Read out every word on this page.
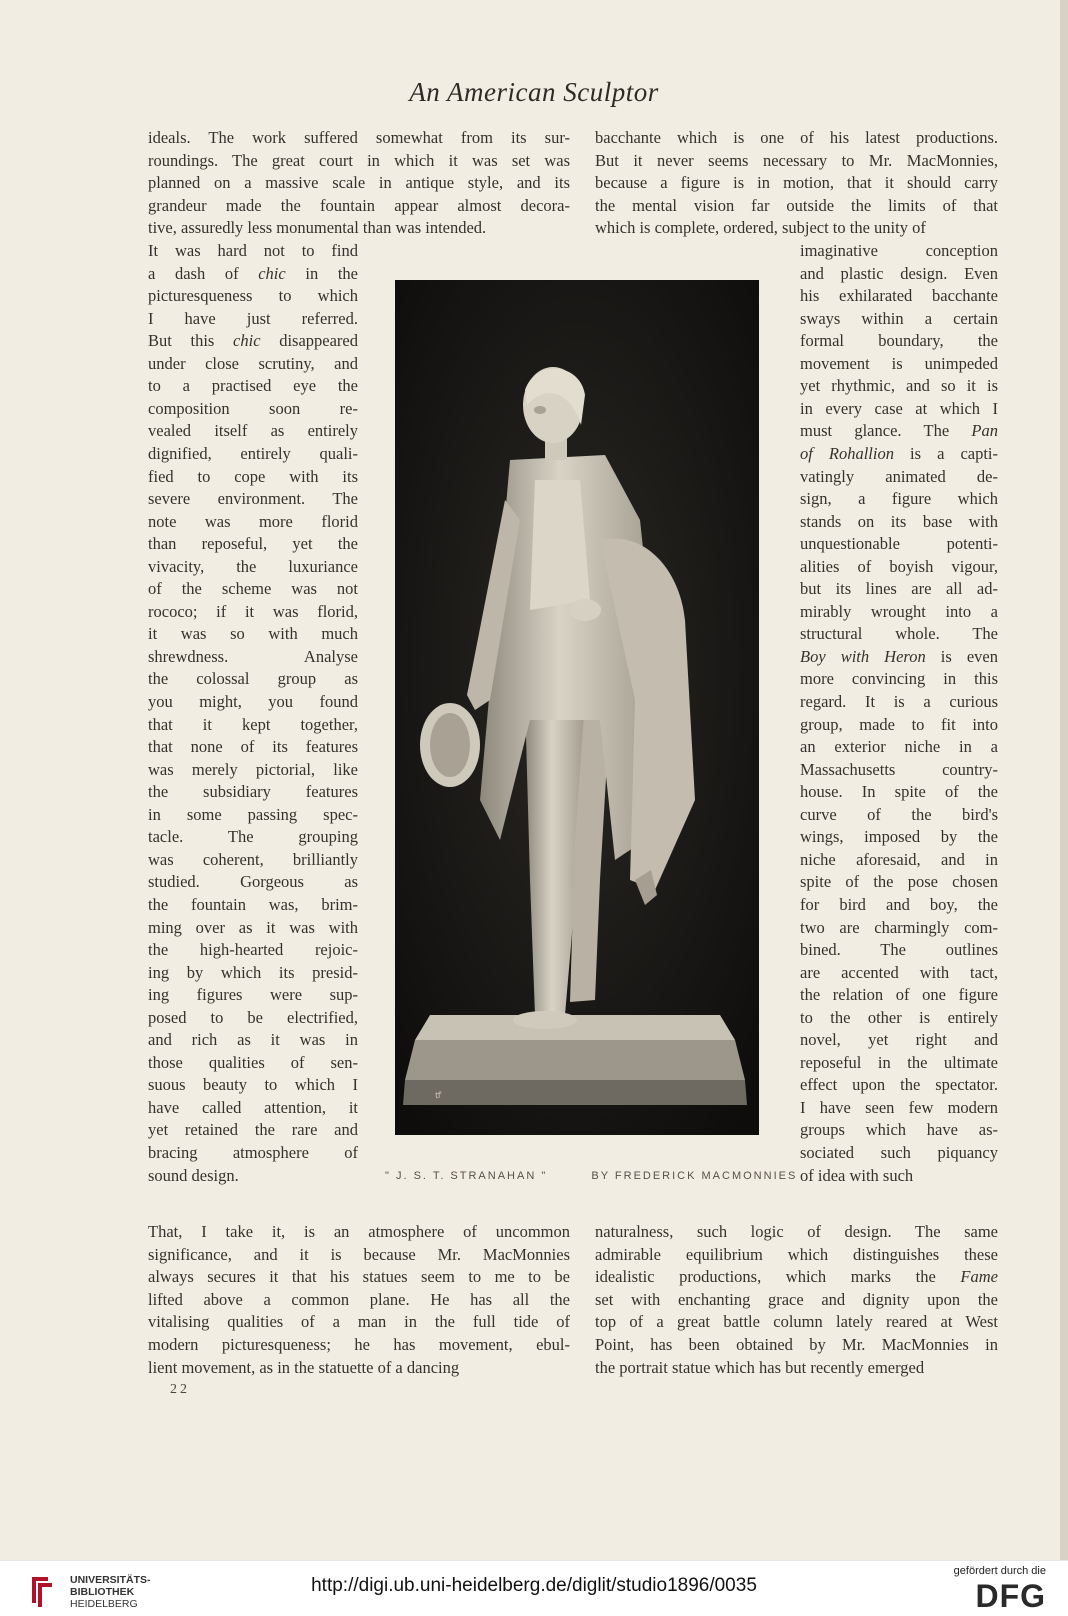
An American Sculptor
ideals. The work suffered somewhat from its sur-
roundings. The great court in which it was set was
planned on a massive scale in antique style, and its
grandeur made the fountain appear almost decora-
tive, assuredly less monumental than was intended.
bacchante which is one of his latest productions.
But it never seems necessary to Mr. MacMonnies,
because a figure is in motion, that it should carry
the mental vision far outside the limits of that
which is complete, ordered, subject to the unity of
It was hard not to find
a dash of chic in the
picturesqueness to which
I have just referred.
But this chic disappeared
under close scrutiny, and
to a practised eye the
composition soon re-
vealed itself as entirely
dignified, entirely quali-
fied to cope with its
severe environment. The
note was more florid
than reposeful, yet the
vivacity, the luxuriance
of the scheme was not
rococo; if it was florid,
it was so with much
shrewdness. Analyse
the colossal group as
you might, you found
that it kept together,
that none of its features
was merely pictorial, like
the subsidiary features
in some passing spec-
tacle. The grouping
was coherent, brilliantly
studied. Gorgeous as
the fountain was, brim-
ming over as it was with
the high-hearted rejoic-
ing by which its presid-
ing figures were sup-
posed to be electrified,
and rich as it was in
those qualities of sen-
suous beauty to which I
have called attention, it
yet retained the rare and
bracing atmosphere of
sound design.
imaginative conception
and plastic design. Even
his exhilarated bacchante
sways within a certain
formal boundary, the
movement is unimpeded
yet rhythmic, and so it is
in every case at which I
must glance. The Pan
of Rohallion is a capti-
vatingly animated de-
sign, a figure which
stands on its base with
unquestionable potenti-
alities of boyish vigour,
but its lines are all ad-
mirably wrought into a
structural whole. The
Boy with Heron is even
more convincing in this
regard. It is a curious
group, made to fit into
an exterior niche in a
Massachusetts country-
house. In spite of the
curve of the bird's
wings, imposed by the
niche aforesaid, and in
spite of the pose chosen
for bird and boy, the
two are charmingly com-
bined. The outlines
are accented with tact,
the relation of one figure
to the other is entirely
novel, yet right and
reposeful in the ultimate
effect upon the spectator.
I have seen few modern
groups which have as-
sociated such piquancy
of idea with such
That, I take it, is an atmosphere of uncommon
significance, and it is because Mr. MacMonnies
always secures it that his statues seem to me to be
lifted above a common plane. He has all the
vitalising qualities of a man in the full tide of
modern picturesqueness; he has movement, ebul-
lient movement, as in the statuette of a dancing
naturalness, such logic of design. The same
admirable equilibrium which distinguishes these
idealistic productions, which marks the Fame
set with enchanting grace and dignity upon the
top of a great battle column lately reared at West
Point, has been obtained by Mr. MacMonnies in
the portrait statue which has but recently emerged
ꝷ
" J. S. T. STRANAHAN "	BY FREDERICK MACMONNIES
22
UNIVERSITÄTS-
BIBLIOTHEK
HEIDELBERG
http://digi.ub.uni-heidelberg.de/diglit/studio1896/0035
gefördert durch die
DFG
